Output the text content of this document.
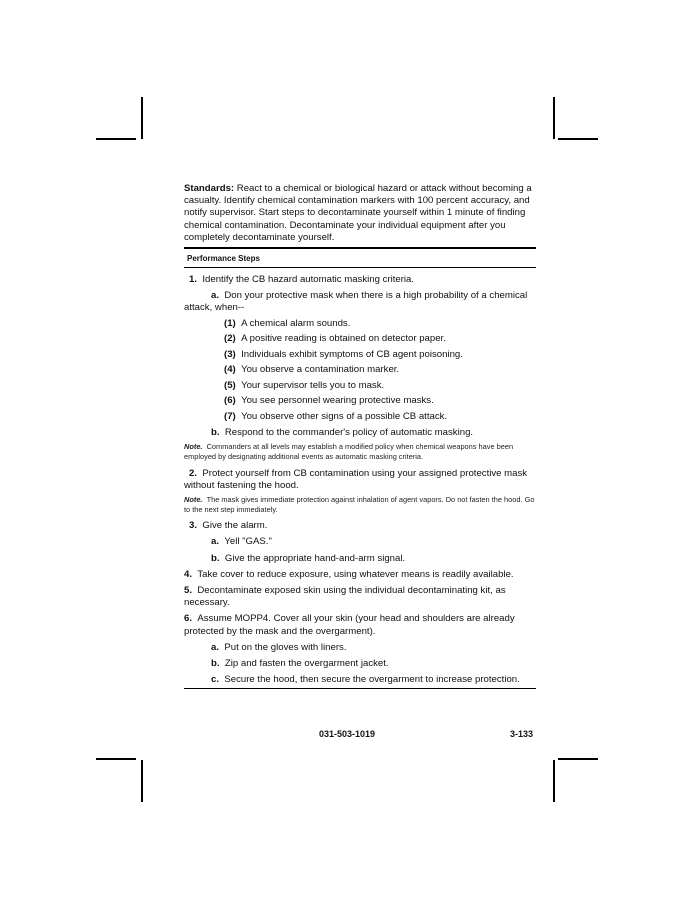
Standards: React to a chemical or biological hazard or attack without becoming a casualty. Identify chemical contamination markers with 100 percent accuracy, and notify supervisor. Start steps to decontaminate yourself within 1 minute of finding chemical contamination. Decontaminate your individual equipment after you completely decontaminate yourself.

Performance Steps
1. Identify the CB hazard automatic masking criteria.
a. Don your protective mask when there is a high probability of a chemical attack, when--
(1) A chemical alarm sounds.
(2) A positive reading is obtained on detector paper.
(3) Individuals exhibit symptoms of CB agent poisoning.
(4) You observe a contamination marker.
(5) Your supervisor tells you to mask.
(6) You see personnel wearing protective masks.
(7) You observe other signs of a possible CB attack.
b. Respond to the commander's policy of automatic masking.
Note. Commanders at all levels may establish a modified policy when chemical weapons have been employed by designating additional events as automatic masking criteria.
2. Protect yourself from CB contamination using your assigned protective mask without fastening the hood.
Note. The mask gives immediate protection against inhalation of agent vapors. Do not fasten the hood. Go to the next step immediately.
3. Give the alarm.
a. Yell "GAS."
b. Give the appropriate hand-and-arm signal.
4. Take cover to reduce exposure, using whatever means is readily available.
5. Decontaminate exposed skin using the individual decontaminating kit, as necessary.
6. Assume MOPP4. Cover all your skin (your head and shoulders are already protected by the mask and the overgarment).
a. Put on the gloves with liners.
b. Zip and fasten the overgarment jacket.
c. Secure the hood, then secure the overgarment to increase protection.
031-503-1019	3-133
